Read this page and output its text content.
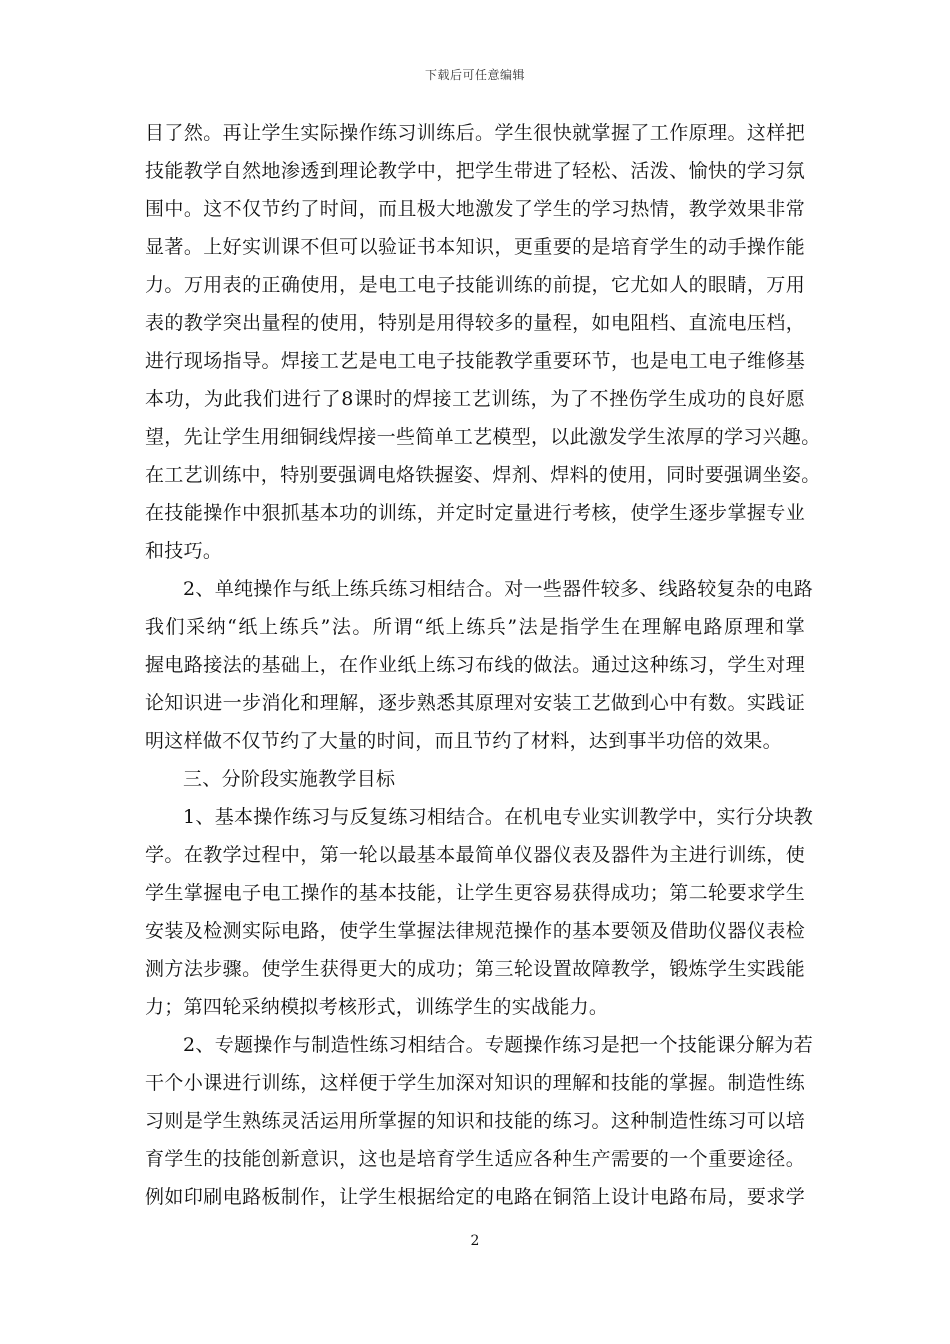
下载后可任意编辑
目了然。再让学生实际操作练习训练后。学生很快就掌握了工作原理。这样把
技能教学自然地渗透到理论教学中，把学生带进了轻松、活泼、愉快的学习氛
围中。这不仅节约了时间，而且极大地激发了学生的学习热情，教学效果非常
显著。上好实训课不但可以验证书本知识，更重要的是培育学生的动手操作能
力。万用表的正确使用，是电工电子技能训练的前提，它尤如人的眼睛，万用
表的教学突出量程的使用，特别是用得较多的量程，如电阻档、直流电压档，
进行现场指导。焊接工艺是电工电子技能教学重要环节，也是电工电子维修基
本功，为此我们进行了8课时的焊接工艺训练，为了不挫伤学生成功的良好愿
望，先让学生用细铜线焊接一些简单工艺模型，以此激发学生浓厚的学习兴趣。
在工艺训练中，特别要强调电烙铁握姿、焊剂、焊料的使用，同时要强调坐姿。
在技能操作中狠抓基本功的训练，并定时定量进行考核，使学生逐步掌握专业
和技巧。
2、单纯操作与纸上练兵练习相结合。对一些器件较多、线路较复杂的电路
我们采纳“纸上练兵”法。所谓“纸上练兵”法是指学生在理解电路原理和掌
握电路接法的基础上，在作业纸上练习布线的做法。通过这种练习，学生对理
论知识进一步消化和理解，逐步熟悉其原理对安装工艺做到心中有数。实践证
明这样做不仅节约了大量的时间，而且节约了材料，达到事半功倍的效果。
三、分阶段实施教学目标
1、基本操作练习与反复练习相结合。在机电专业实训教学中，实行分块教
学。在教学过程中，第一轮以最基本最简单仪器仪表及器件为主进行训练，使
学生掌握电子电工操作的基本技能，让学生更容易获得成功；第二轮要求学生
安装及检测实际电路，使学生掌握法律规范操作的基本要领及借助仪器仪表检
测方法步骤。使学生获得更大的成功；第三轮设置故障教学，锻炼学生实践能
力；第四轮采纳模拟考核形式，训练学生的实战能力。
2、专题操作与制造性练习相结合。专题操作练习是把一个技能课分解为若
干个小课进行训练，这样便于学生加深对知识的理解和技能的掌握。制造性练
习则是学生熟练灵活运用所掌握的知识和技能的练习。这种制造性练习可以培
育学生的技能创新意识，这也是培育学生适应各种生产需要的一个重要途径。
例如印刷电路板制作，让学生根据给定的电路在铜箔上设计电路布局，要求学
2
